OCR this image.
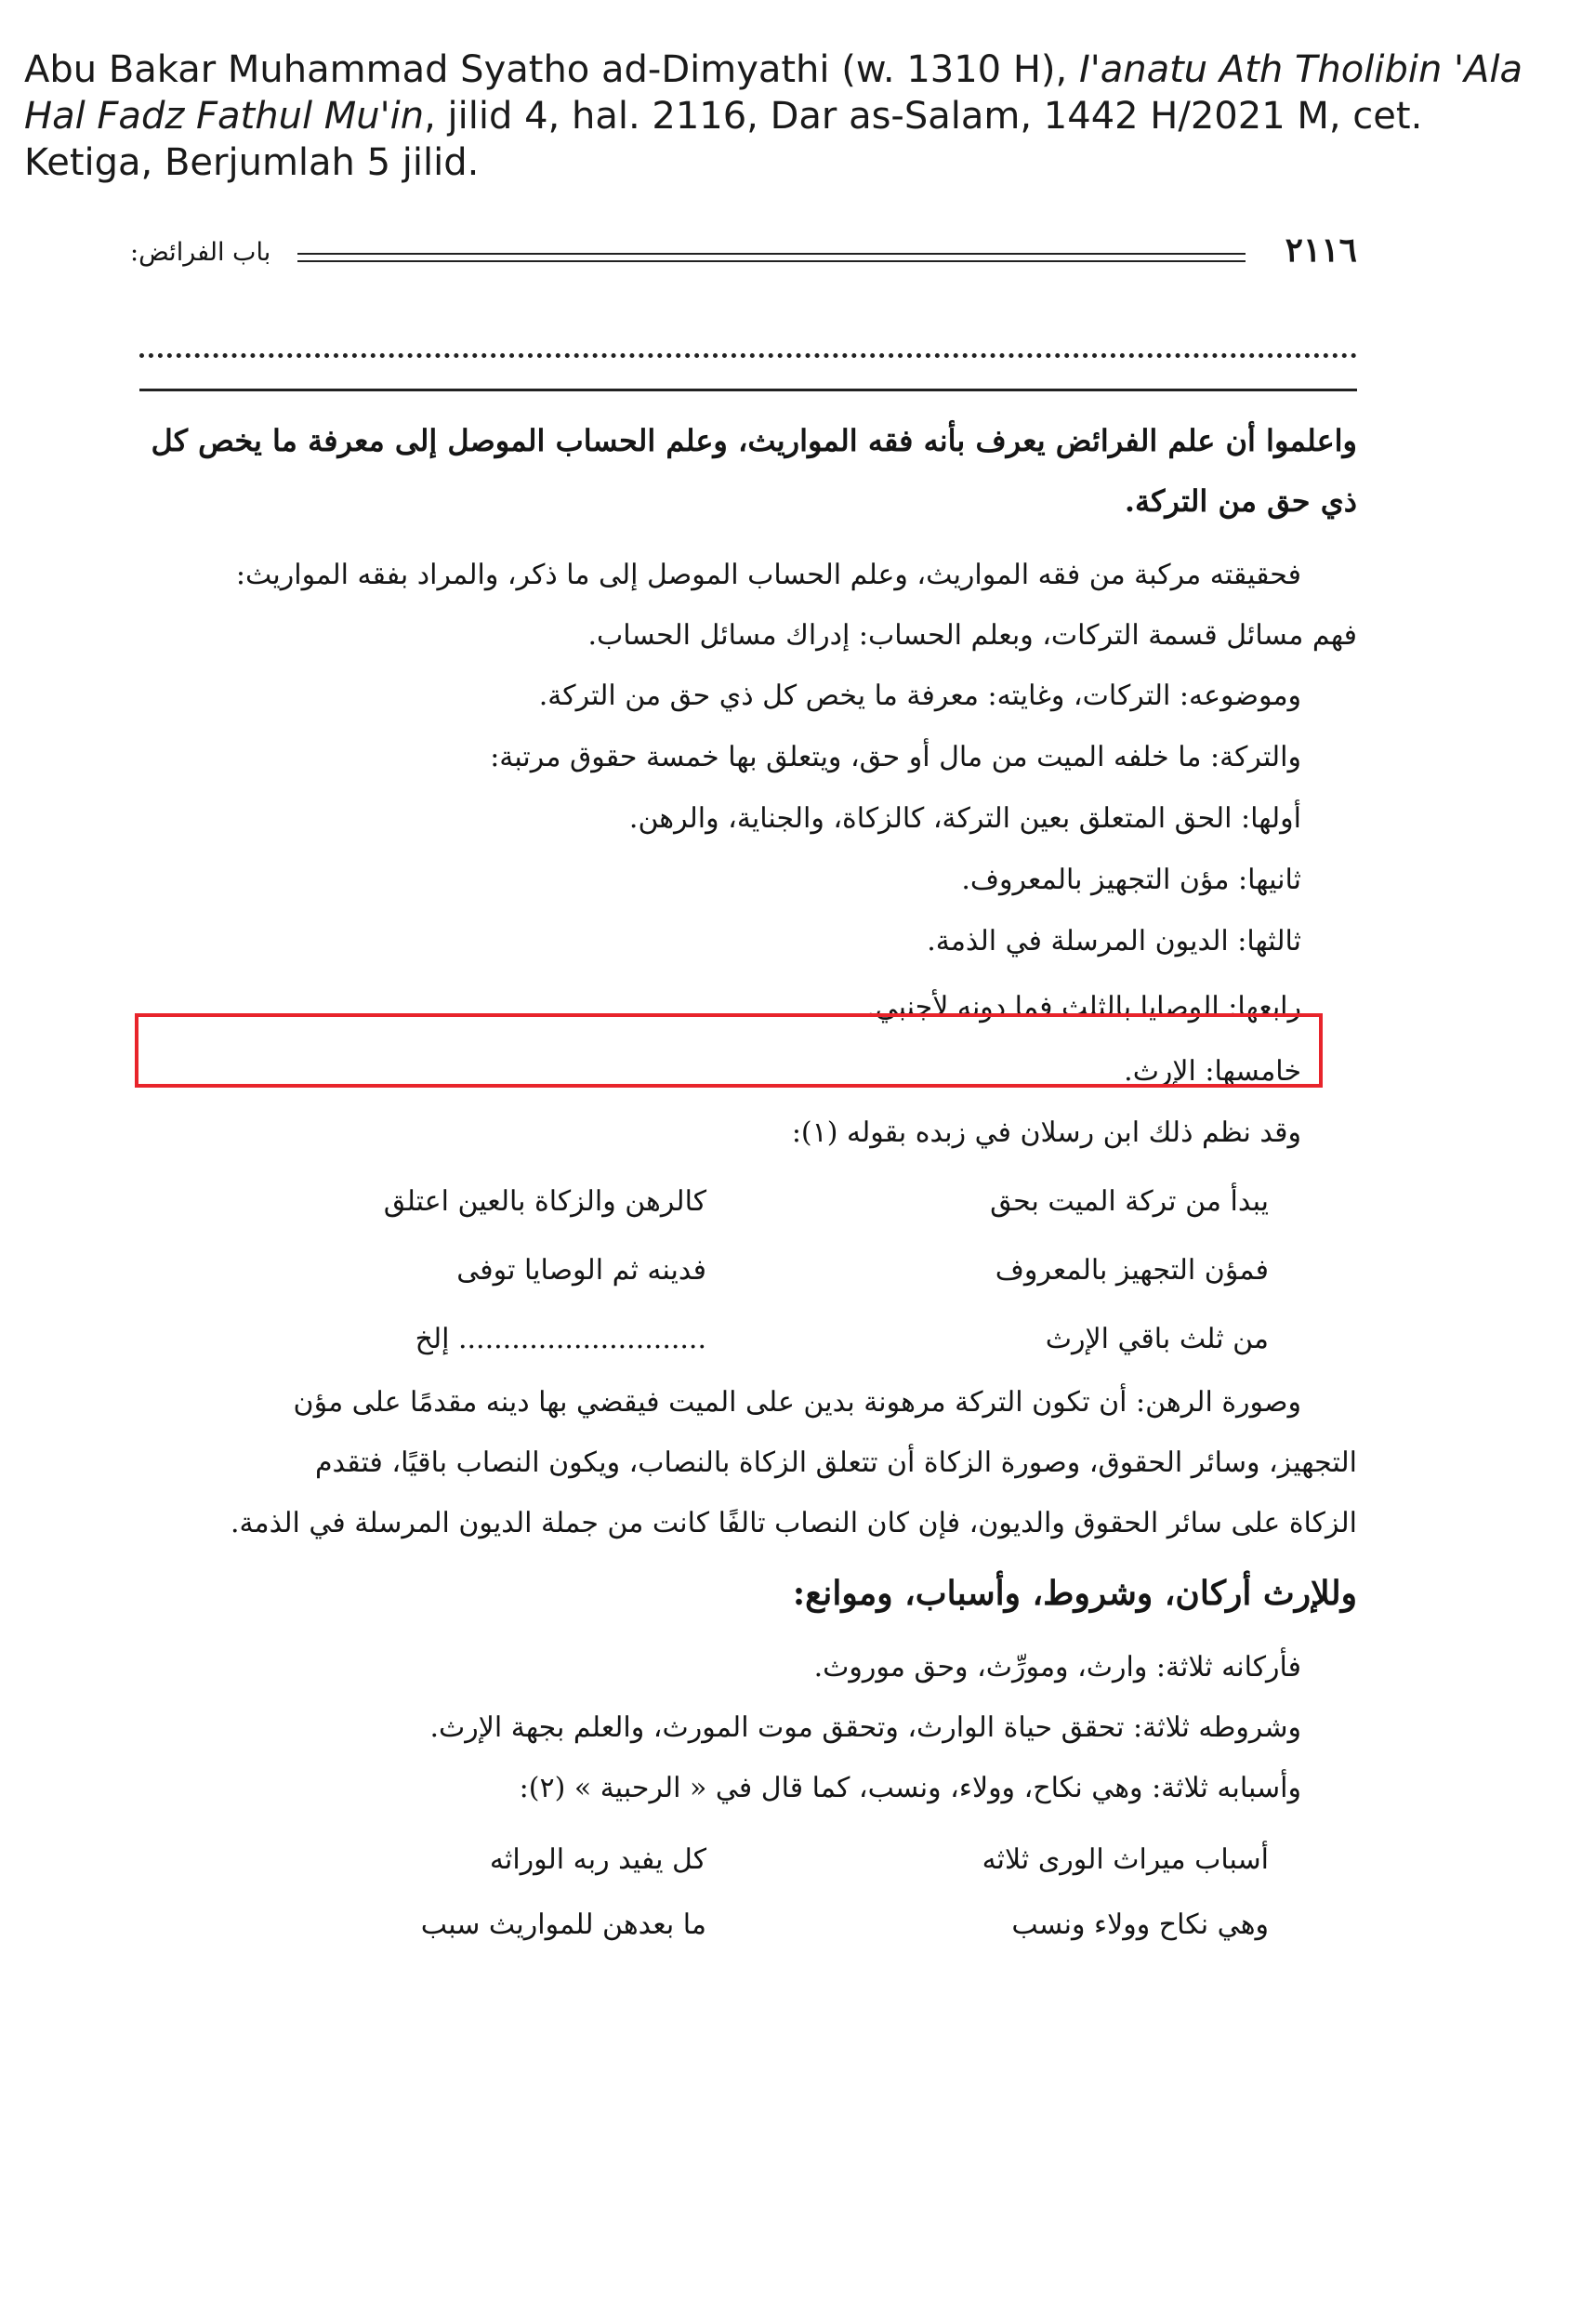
Abu Bakar Muhammad Syatho ad-Dimyathi (w. 1310 H), I'anatu Ath Tholibin 'Ala Hal Fadz Fathul Mu'in, jilid 4, hal. 2116, Dar as-Salam, 1442 H/2021 M, cet. Ketiga, Berjumlah 5 jilid.
٢١١٦
باب الفرائض:
واعلموا أن علم الفرائض يعرف بأنه فقه المواريث، وعلم الحساب الموصل إلى معرفة ما يخص كل
ذي حق من التركة.
فحقيقته مركبة من فقه المواريث، وعلم الحساب الموصل إلى ما ذكر، والمراد بفقه المواريث:
فهم مسائل قسمة التركات، وبعلم الحساب: إدراك مسائل الحساب.
وموضوعه: التركات، وغايته: معرفة ما يخص كل ذي حق من التركة.
والتركة: ما خلفه الميت من مال أو حق، ويتعلق بها خمسة حقوق مرتبة:
أولها: الحق المتعلق بعين التركة، كالزكاة، والجناية، والرهن.
ثانيها: مؤن التجهيز بالمعروف.
ثالثها: الديون المرسلة في الذمة.
رابعها: الوصايا بالثلث فما دونه لأجنبي.
خامسها: الإرث.
وقد نظم ذلك ابن رسلان في زبده بقوله (١):
يبدأ من تركة الميت بحق
كالرهن والزكاة بالعين اعتلق
فمؤن التجهيز بالمعروف
فدينه ثم الوصايا توفى
من ثلث باقي الإرث
............................ إلخ
وصورة الرهن: أن تكون التركة مرهونة بدين على الميت فيقضي بها دينه مقدمًا على مؤن
التجهيز، وسائر الحقوق، وصورة الزكاة أن تتعلق الزكاة بالنصاب، ويكون النصاب باقيًا، فتقدم
الزكاة على سائر الحقوق والديون، فإن كان النصاب تالفًا كانت من جملة الديون المرسلة في الذمة.
وللإرث أركان، وشروط، وأسباب، وموانع:
فأركانه ثلاثة: وارث، ومورِّث، وحق موروث.
وشروطه ثلاثة: تحقق حياة الوارث، وتحقق موت المورث، والعلم بجهة الإرث.
وأسبابه ثلاثة: وهي نكاح، وولاء، ونسب، كما قال في « الرحبية » (٢):
أسباب ميراث الورى ثلاثه
كل يفيد ربه الوراثه
وهي نكاح وولاء ونسب
ما بعدهن للمواريث سبب
